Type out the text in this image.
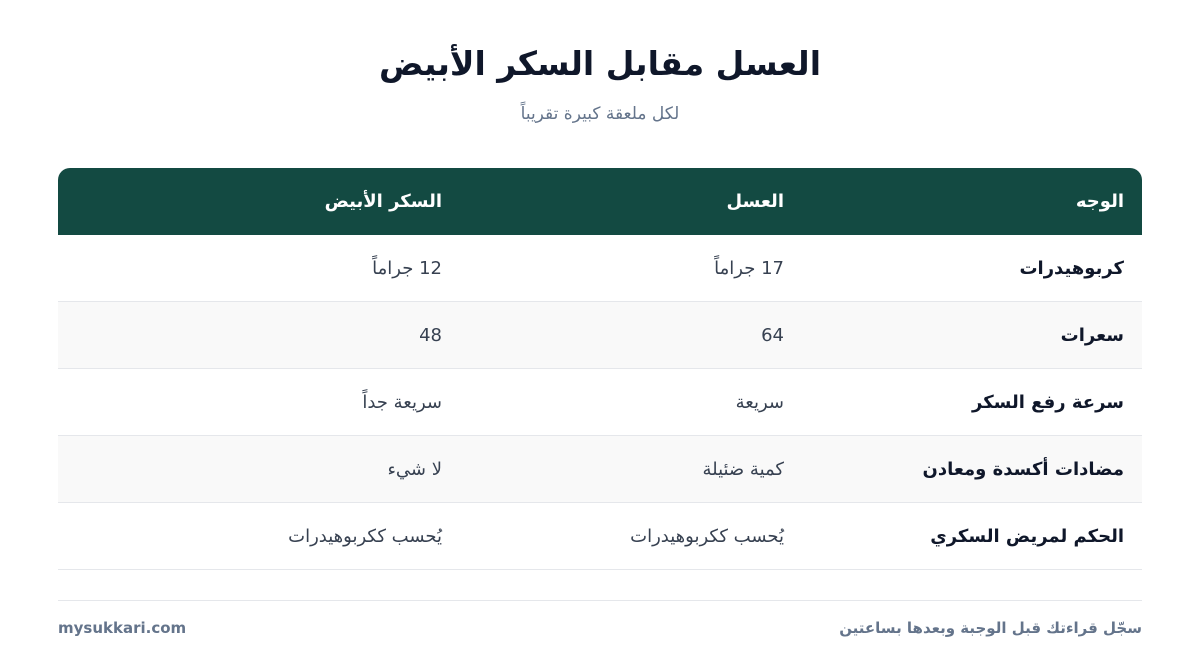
العسل مقابل السكر الأبيض
لكل ملعقة كبيرة تقريباً
الوجه
العسل
السكر الأبيض
كربوهيدرات
17 جراماً
12 جراماً
سعرات
64
48
سرعة رفع السكر
سريعة
سريعة جداً
مضادات أكسدة ومعادن
كمية ضئيلة
لا شيء
الحكم لمريض السكري
يُحسب ككربوهيدرات
يُحسب ككربوهيدرات
سجّل قراءتك قبل الوجبة وبعدها بساعتين
mysukkari.com
